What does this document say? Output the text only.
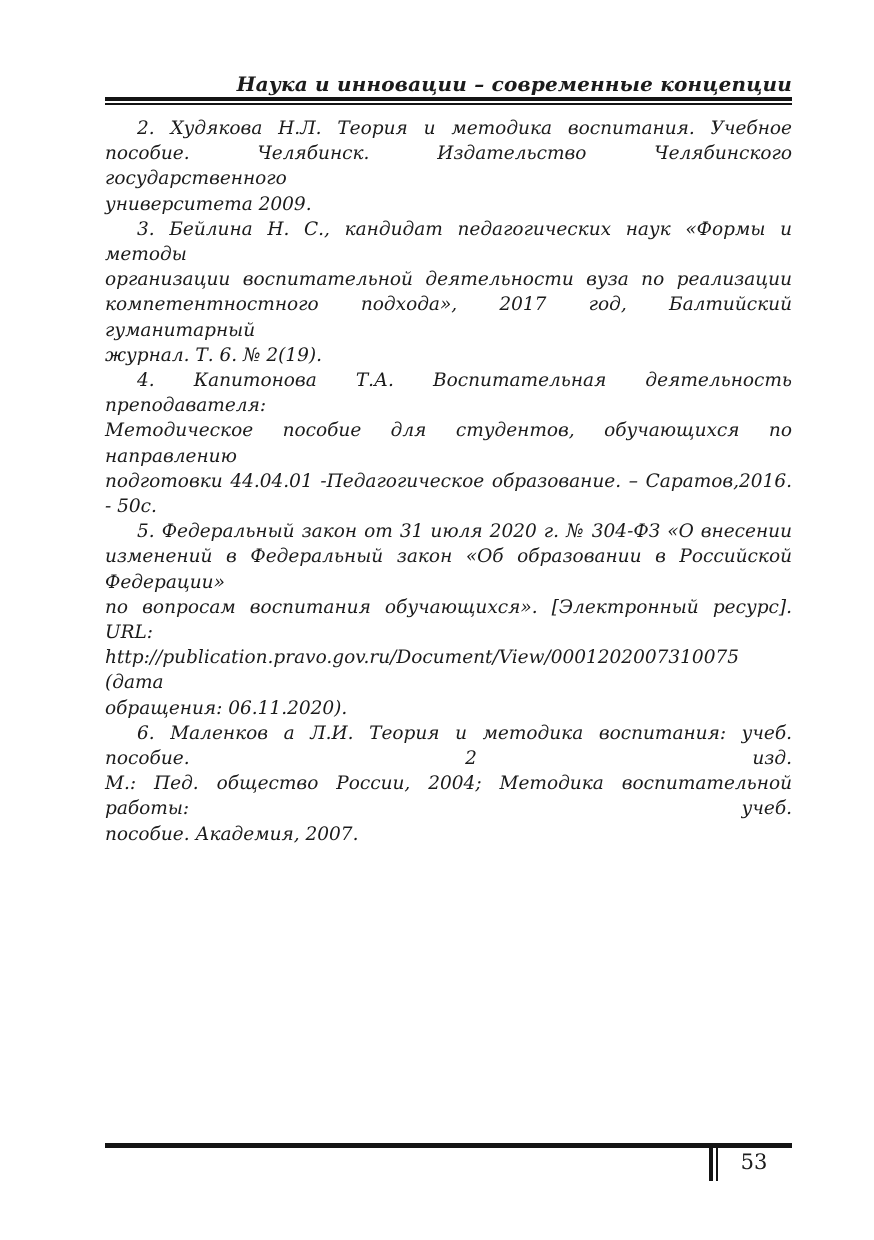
Наука и инновации – современные концепции
2. Худякова Н.Л. Теория и методика воспитания. Учебное
пособие. Челябинск. Издательство Челябинского государственного
университета 2009.
3. Бейлина Н. С., кандидат педагогических наук «Формы и методы
организации воспитательной деятельности вуза по реализации
компетентностного подхода», 2017 год, Балтийский гуманитарный
журнал. Т. 6. № 2(19).
4. Капитонова Т.А. Воспитательная деятельность преподавателя:
Методическое пособие для студентов, обучающихся по направлению
подготовки 44.04.01 -Педагогическое образование. – Саратов,2016. - 50с.
5. Федеральный закон от 31 июля 2020 г. № 304-ФЗ «О внесении
изменений в Федеральный закон «Об образовании в Российской Федерации»
по вопросам воспитания обучающихся». [Электронный ресурс]. URL:
http://publication.pravo.gov.ru/Document/View/0001202007310075 (дата
обращения: 06.11.2020).
6. Маленков а Л.И. Теория и методика воспитания: учеб. пособие. 2 изд.
М.: Пед. общество России, 2004; Методика воспитательной работы: учеб.
пособие. Академия, 2007.
53
